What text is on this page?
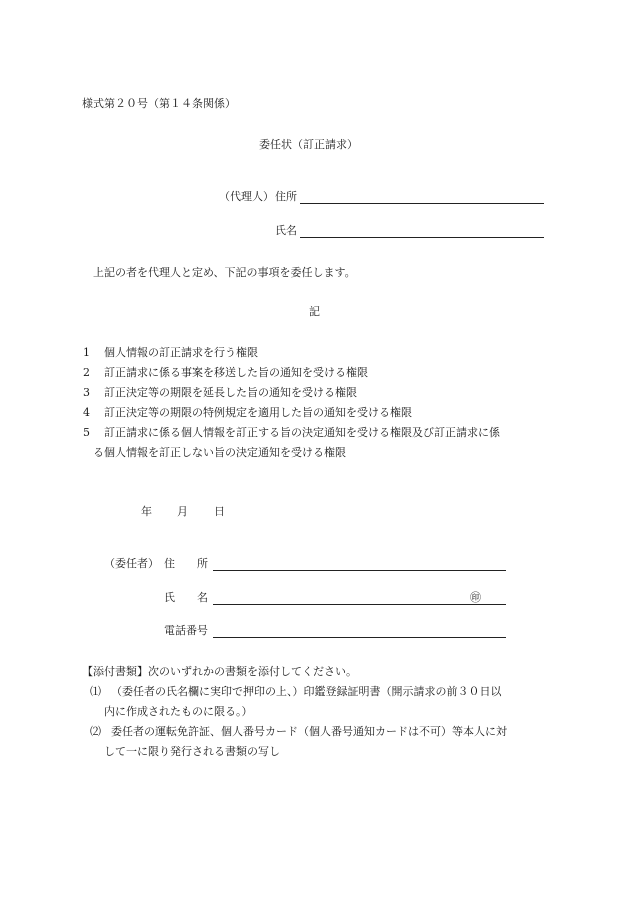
様式第２０号（第１４条関係）
委任状（訂正請求）
（代理人） 住所
氏名
上記の者を代理人と定め、下記の事項を委任します。
記
1 個人情報の訂正請求を行う権限
2 訂正請求に係る事案を移送した旨の通知を受ける権限
3 訂正決定等の期限を延長した旨の通知を受ける権限
4 訂正決定等の期限の特例規定を適用した旨の通知を受ける権限
5 訂正請求に係る個人情報を訂正する旨の決定通知を受ける権限及び訂正請求に係
る個人情報を訂正しない旨の決定通知を受ける権限
年 月 日
（委任者） 住　　所
氏　　名	㊞
電話番号
【添付書類】次のいずれかの書類を添付してください。
⑴ （委任者の氏名欄に実印で押印の上、）印鑑登録証明書（開示請求の前３０日以
内に作成されたものに限る。）
⑵ 委任者の運転免許証、個人番号カード（個人番号通知カードは不可）等本人に対
して一に限り発行される書類の写し
